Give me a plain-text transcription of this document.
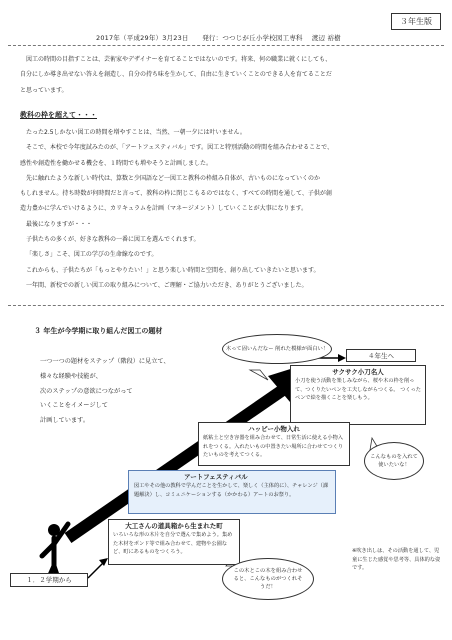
３年生版
2017年（平成29年）3月23日 発行：つつじが丘小学校図工専科 渡辺 裕樹
図工の時間の目指すことは、芸術家やデザイナーを育てることではないのです。将来、何の職業に就くにしても、
自分にしか導き出せない答えを創造し、自分の持ち味を生かして、自由に生きていくことのできる人を育てることだ
と思っています。
教科の枠を超えて・・・
たった2.5しかない図工の時間を増やすことは、当然、一朝一夕には叶いません。
そこで、本校で今年度試みたのが、「アートフェスティバル」です。図工と特別活動の時間を組み合わせることで、
感性や創造性を働かせる機会を、１時間でも増やそうと計画しました。
先に触れたような新しい時代は、算数と少国語など一図工と教科の枠組み自体が、古いものになっていくのか
もしれません。持ち時数が何時間だと言って、教科の枠に閉じこもるのではなく、すべての時間を通して、子供が創
造力豊かに学んでいけるように、カリキュラムを計画（マネージメント）していくことが大事になります。
最後になりますが・・・
子供たちの多くが、好きな教科の一番に図工を選んでくれます。
「楽しさ」こそ、図工の学びの生命線なのです。
これからも、子供たちが「もっとやりたい！」と思う楽しい時間と空間を、創り出していきたいと思います。
一年間、新校での新しい図工の取り組みについて、ご理解・ご協力いただき、ありがとうございました。
３ 年生が今学期に取り組んだ図工の題材
木って固いんだなー 削れた模様が面白い！
４年生へ
サクサク小刀名人
小刀を使う活動を楽しみながら、桜や木の枠を削って、つくりたいペンを工夫しながらつくる。 つくったペンで絵を描くことを楽しもう。
一つ一つの題材をステップ（階段）に見立て、
様々な経験や技能が、
次のステップの意欲につながって
いくことをイメージして
計画しています。
ハッピー小物入れ
紙粘土と空き容器を組み合わせて、日常生活に使える小物入れをつくる。入れたいもの中置きたい場所に合わせてつくりたいものを考えてつくる。	こんなものを入れて使いたいな！
アートフェスティバル
図工やその他の教科で学んだことを生かして、楽しく（主体的に）、チャレンジ（課題解決）し、コミュニケーションする（かかわる）アートのお祭り。
大工さんの道具箱から生まれた町
いろいろな形の木片を自分で選んで集めよう。集めた木材をボンド等で組み合わせて、建物や公園など、町にあるものをつくろう。
この木とこの木を組み合わせると、こんなものがつくれそうだ！
１．２学期から
※吹き出しは、その活動を通して、児童に生じた感覚や思考等、具体的な姿です。
